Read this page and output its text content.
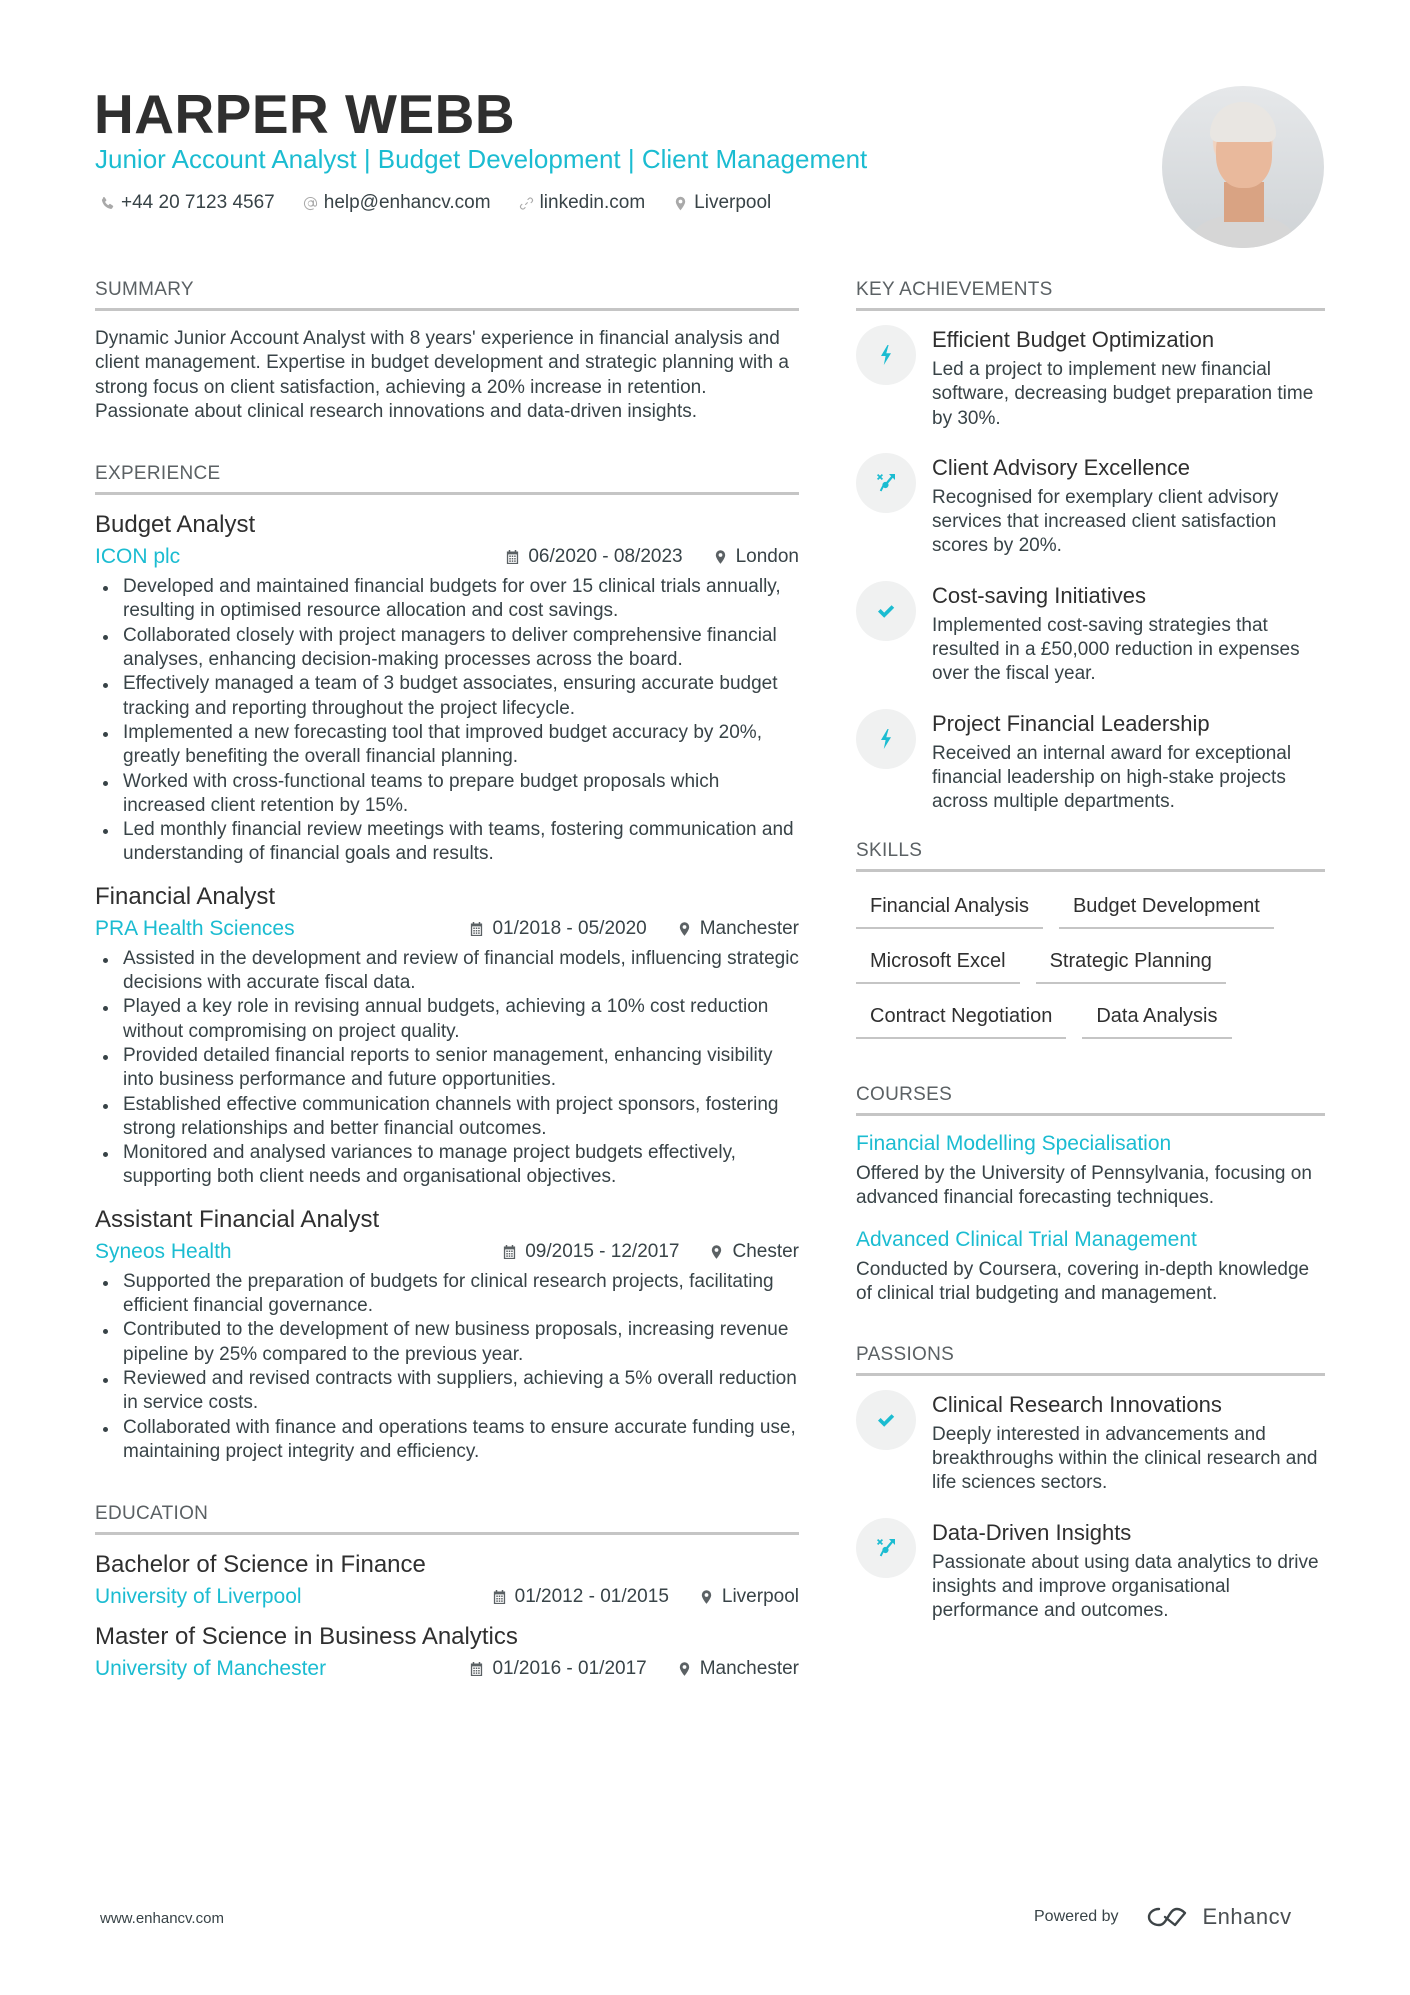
HARPER WEBB
Junior Account Analyst | Budget Development | Client Management
+44 20 7123 4567	help@enhancv.com	linkedin.com	Liverpool
SUMMARY

Dynamic Junior Account Analyst with 8 years' experience in financial analysis and client management. Expertise in budget development and strategic planning with a strong focus on client satisfaction, achieving a 20% increase in retention. Passionate about clinical research innovations and data-driven insights.

EXPERIENCE
Budget Analyst
ICON plc	06/2020 - 08/2023	London
Developed and maintained financial budgets for over 15 clinical trials annually, resulting in optimised resource allocation and cost savings.
Collaborated closely with project managers to deliver comprehensive financial analyses, enhancing decision-making processes across the board.
Effectively managed a team of 3 budget associates, ensuring accurate budget tracking and reporting throughout the project lifecycle.
Implemented a new forecasting tool that improved budget accuracy by 20%, greatly benefiting the overall financial planning.
Worked with cross-functional teams to prepare budget proposals which increased client retention by 15%.
Led monthly financial review meetings with teams, fostering communication and understanding of financial goals and results.
Financial Analyst
PRA Health Sciences	01/2018 - 05/2020	Manchester
Assisted in the development and review of financial models, influencing strategic decisions with accurate fiscal data.
Played a key role in revising annual budgets, achieving a 10% cost reduction without compromising on project quality.
Provided detailed financial reports to senior management, enhancing visibility into business performance and future opportunities.
Established effective communication channels with project sponsors, fostering strong relationships and better financial outcomes.
Monitored and analysed variances to manage project budgets effectively, supporting both client needs and organisational objectives.
Assistant Financial Analyst
Syneos Health	09/2015 - 12/2017	Chester
Supported the preparation of budgets for clinical research projects, facilitating efficient financial governance.
Contributed to the development of new business proposals, increasing revenue pipeline by 25% compared to the previous year.
Reviewed and revised contracts with suppliers, achieving a 5% overall reduction in service costs.
Collaborated with finance and operations teams to ensure accurate funding use, maintaining project integrity and efficiency.
EDUCATION
Bachelor of Science in Finance
University of Liverpool	01/2012 - 01/2015	Liverpool
Master of Science in Business Analytics
University of Manchester	01/2016 - 01/2017	Manchester
KEY ACHIEVEMENTS
Efficient Budget Optimization
Led a project to implement new financial software, decreasing budget preparation time by 30%.
Client Advisory Excellence
Recognised for exemplary client advisory services that increased client satisfaction scores by 20%.
Cost-saving Initiatives
Implemented cost-saving strategies that resulted in a £50,000 reduction in expenses over the fiscal year.
Project Financial Leadership
Received an internal award for exceptional financial leadership on high-stake projects across multiple departments.
SKILLS
Financial Analysis	Budget Development
Microsoft Excel	Strategic Planning
Contract Negotiation	Data Analysis
COURSES
Financial Modelling Specialisation
Offered by the University of Pennsylvania, focusing on advanced financial forecasting techniques.
Advanced Clinical Trial Management
Conducted by Coursera, covering in-depth knowledge of clinical trial budgeting and management.
PASSIONS
Clinical Research Innovations
Deeply interested in advancements and breakthroughs within the clinical research and life sciences sectors.
Data-Driven Insights
Passionate about using data analytics to drive insights and improve organisational performance and outcomes.
www.enhancv.com	Powered by	Enhancv
